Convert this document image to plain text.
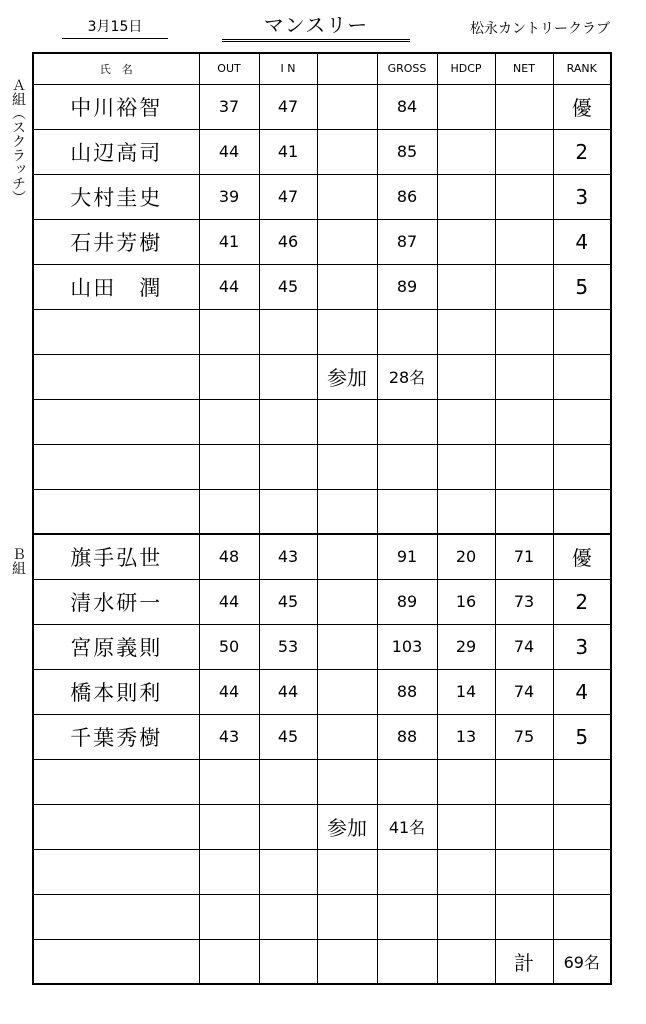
3月15日	マンスリー	松永カントリークラブ
Ａ組（スクラッチ）
Ｂ組
氏　名	OUT	I N		GROSS	HDCP	NET	RANK
中川裕智	37	47		84			優
山辺高司	44	41		85			2
大村圭史	39	47		86			3
石井芳樹	41	46		87			4
山田　潤	44	45		89			5

			参加	28名			

旗手弘世	48	43		91	20	71	優
清水研一	44	45		89	16	73	2
宮原義則	50	53		103	29	74	3
橋本則利	44	44		88	14	74	4
千葉秀樹	43	45		88	13	75	5

			参加	41名			

						計	69名
